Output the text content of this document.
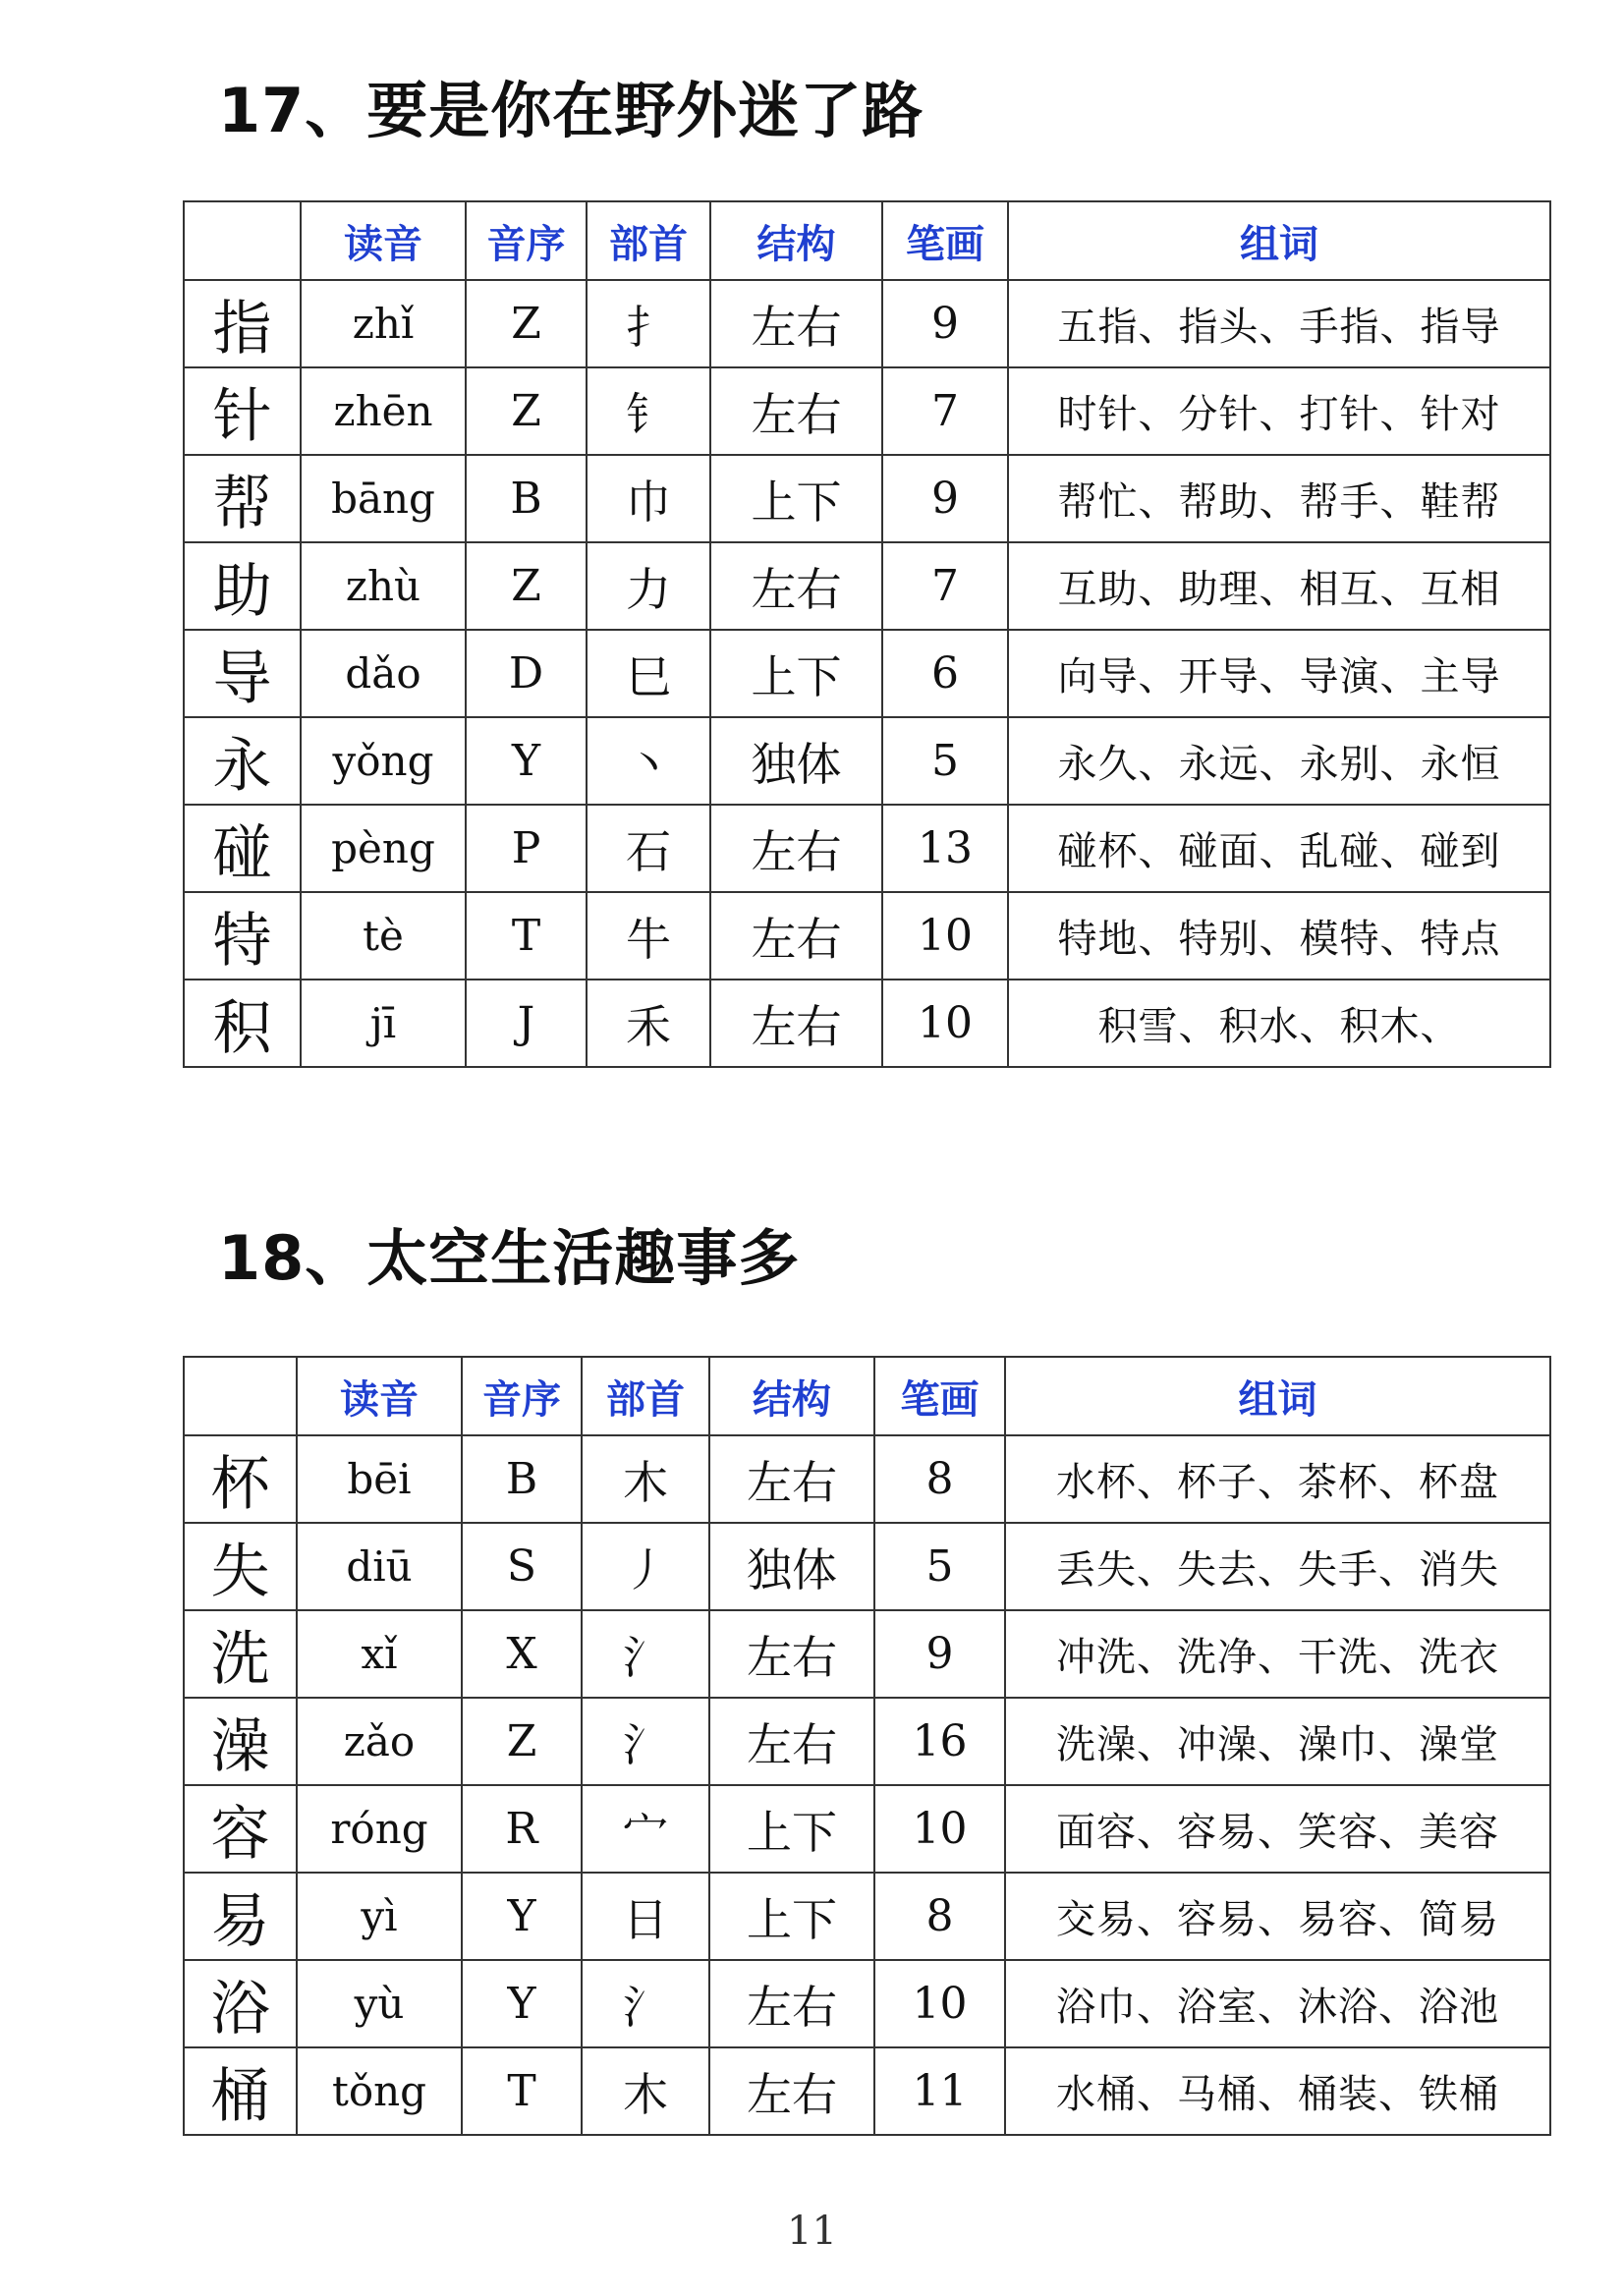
17、要是你在野外迷了路
	读音	音序	部首	结构	笔画	组词
指	zhǐ	Z	扌	左右	9	五指、指头、手指、指导
针	zhēn	Z	钅	左右	7	时针、分针、打针、针对
帮	bāng	B	巾	上下	9	帮忙、帮助、帮手、鞋帮
助	zhù	Z	力	左右	7	互助、助理、相互、互相
导	dǎo	D	巳	上下	6	向导、开导、导演、主导
永	yǒng	Y	丶	独体	5	永久、永远、永别、永恒
碰	pèng	P	石	左右	13	碰杯、碰面、乱碰、碰到
特	tè	T	牛	左右	10	特地、特别、模特、特点
积	jī	J	禾	左右	10	积雪、积水、积木、
18、太空生活趣事多
	读音	音序	部首	结构	笔画	组词
杯	bēi	B	木	左右	8	水杯、杯子、茶杯、杯盘
失	diū	S	丿	独体	5	丢失、失去、失手、消失
洗	xǐ	X	氵	左右	9	冲洗、洗净、干洗、洗衣
澡	zǎo	Z	氵	左右	16	洗澡、冲澡、澡巾、澡堂
容	róng	R	宀	上下	10	面容、容易、笑容、美容
易	yì	Y	日	上下	8	交易、容易、易容、简易
浴	yù	Y	氵	左右	10	浴巾、浴室、沐浴、浴池
桶	tǒng	T	木	左右	11	水桶、马桶、桶装、铁桶
11
